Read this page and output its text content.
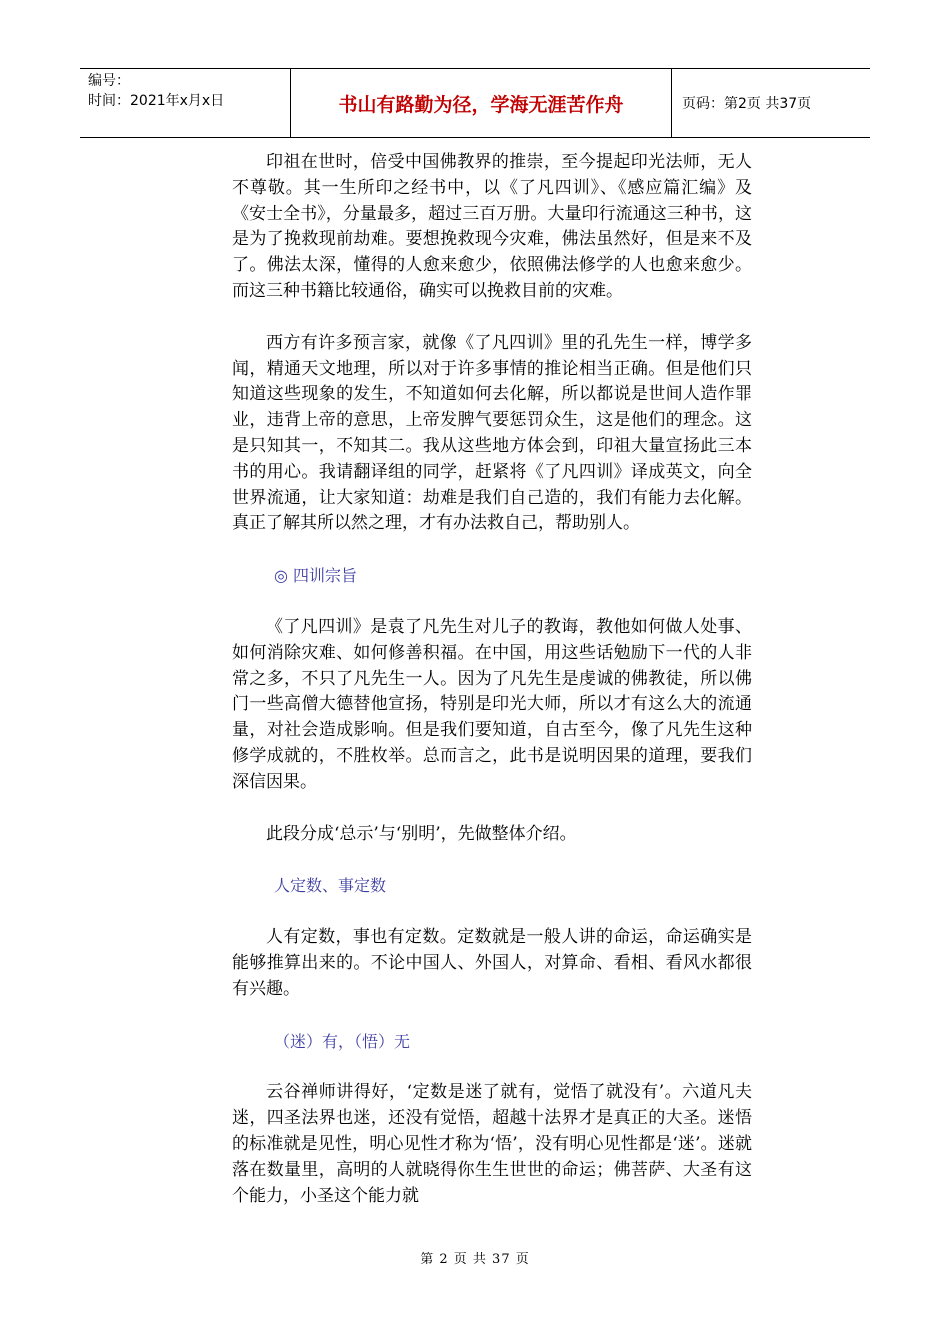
编号：
时间：2021年x月x日	书山有路勤为径，学海无涯苦作舟	页码：第2页 共37页

印祖在世时，倍受中国佛教界的推崇，至今提起印光法师，无人不尊敬。其一生所印之经书中，以《了凡四训》、《感应篇汇编》及《安士全书》，分量最多，超过三百万册。大量印行流通这三种书，这是为了挽救现前劫难。要想挽救现今灾难，佛法虽然好，但是来不及了。佛法太深，懂得的人愈来愈少，依照佛法修学的人也愈来愈少。而这三种书籍比较通俗，确实可以挽救目前的灾难。

西方有许多预言家，就像《了凡四训》里的孔先生一样，博学多闻，精通天文地理，所以对于许多事情的推论相当正确。但是他们只知道这些现象的发生，不知道如何去化解，所以都说是世间人造作罪业，违背上帝的意思，上帝发脾气要惩罚众生，这是他们的理念。这是只知其一，不知其二。我从这些地方体会到，印祖大量宣扬此三本书的用心。我请翻译组的同学，赶紧将《了凡四训》译成英文，向全世界流通，让大家知道：劫难是我们自己造的，我们有能力去化解。真正了解其所以然之理，才有办法救自己，帮助别人。

◎ 四训宗旨

《了凡四训》是袁了凡先生对儿子的教诲，教他如何做人处事、如何消除灾难、如何修善积福。在中国，用这些话勉励下一代的人非常之多，不只了凡先生一人。因为了凡先生是虔诚的佛教徒，所以佛门一些高僧大德替他宣扬，特别是印光大师，所以才有这么大的流通量，对社会造成影响。但是我们要知道，自古至今，像了凡先生这种修学成就的，不胜枚举。总而言之，此书是说明因果的道理，要我们深信因果。

此段分成‘总示’与‘别明’，先做整体介绍。

人定数、事定数

人有定数，事也有定数。定数就是一般人讲的命运，命运确实是能够推算出来的。不论中国人、外国人，对算命、看相、看风水都很有兴趣。

（迷）有，（悟）无

云谷禅师讲得好，‘定数是迷了就有，觉悟了就没有’。六道凡夫迷，四圣法界也迷，还没有觉悟，超越十法界才是真正的大圣。迷悟的标准就是见性，明心见性才称为‘悟’，没有明心见性都是‘迷’。迷就落在数量里，高明的人就晓得你生生世世的命运；佛菩萨、大圣有这个能力，小圣这个能力就

第 2 页 共 37 页
